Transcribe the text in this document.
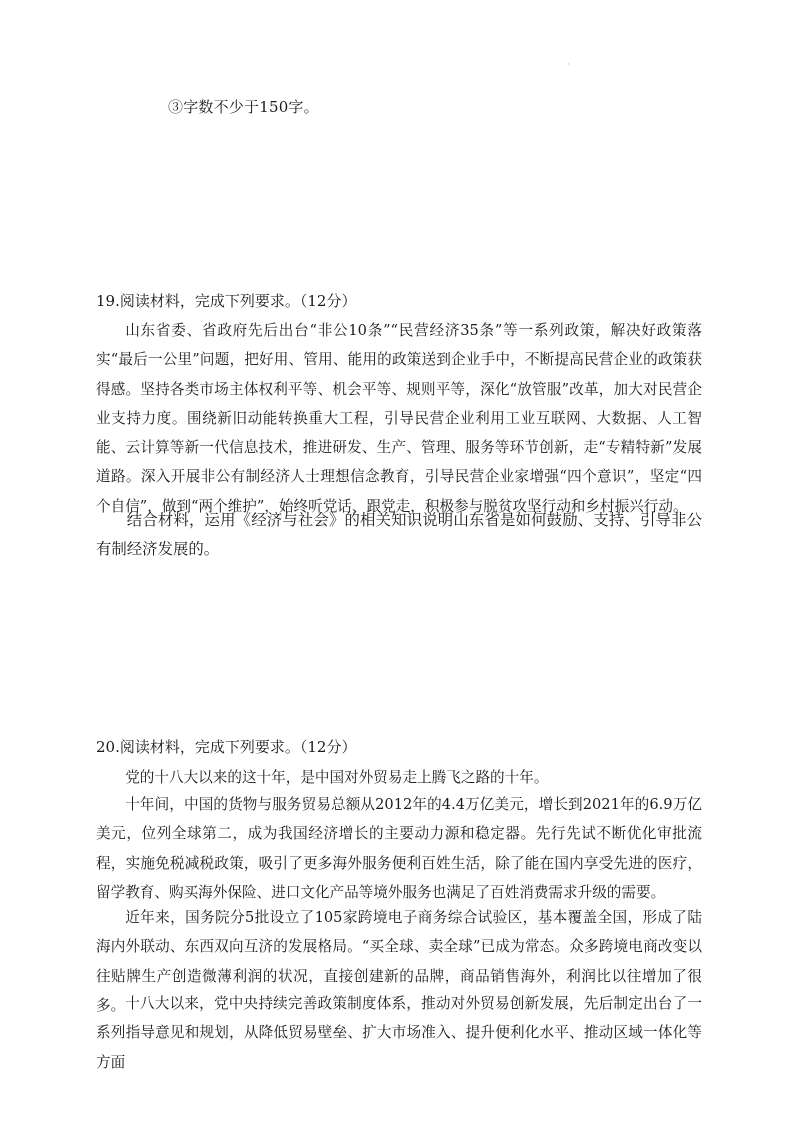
·
③字数不少于150字。
19.阅读材料，完成下列要求。（12分）

山东省委、省政府先后出台“非公10条”“民营经济35条”等一系列政策，解决好政策落实“最后一公里”问题，把好用、管用、能用的政策送到企业手中，不断提高民营企业的政策获得感。坚持各类市场主体权利平等、机会平等、规则平等，深化“放管服”改革，加大对民营企业支持力度。围绕新旧动能转换重大工程，引导民营企业利用工业互联网、大数据、人工智能、云计算等新一代信息技术，推进研发、生产、管理、服务等环节创新，走“专精特新”发展道路。深入开展非公有制经济人士理想信念教育，引导民营企业家增强“四个意识”，坚定“四个自信”，做到“两个维护”，始终听党话、跟党走，积极参与脱贫攻坚行动和乡村振兴行动。

结合材料，运用《经济与社会》的相关知识说明山东省是如何鼓励、支持、引导非公有制经济发展的。

20.阅读材料，完成下列要求。（12分）

党的十八大以来的这十年，是中国对外贸易走上腾飞之路的十年。

十年间，中国的货物与服务贸易总额从2012年的4.4万亿美元，增长到2021年的6.9万亿美元，位列全球第二，成为我国经济增长的主要动力源和稳定器。先行先试不断优化审批流程，实施免税减税政策，吸引了更多海外服务便利百姓生活，除了能在国内享受先进的医疗，留学教育、购买海外保险、进口文化产品等境外服务也满足了百姓消费需求升级的需要。

近年来，国务院分5批设立了105家跨境电子商务综合试验区，基本覆盖全国，形成了陆海内外联动、东西双向互济的发展格局。“买全球、卖全球”已成为常态。众多跨境电商改变以往贴牌生产创造微薄利润的状况，直接创建新的品牌，商品销售海外，利润比以往增加了很多。 十八大以来，党中央持续完善政策制度体系，推动对外贸易创新发展，先后制定出台了一系列指导意见和规划，从降低贸易壁垒、扩大市场准入、提升便利化水平、推动区域一体化等方面
